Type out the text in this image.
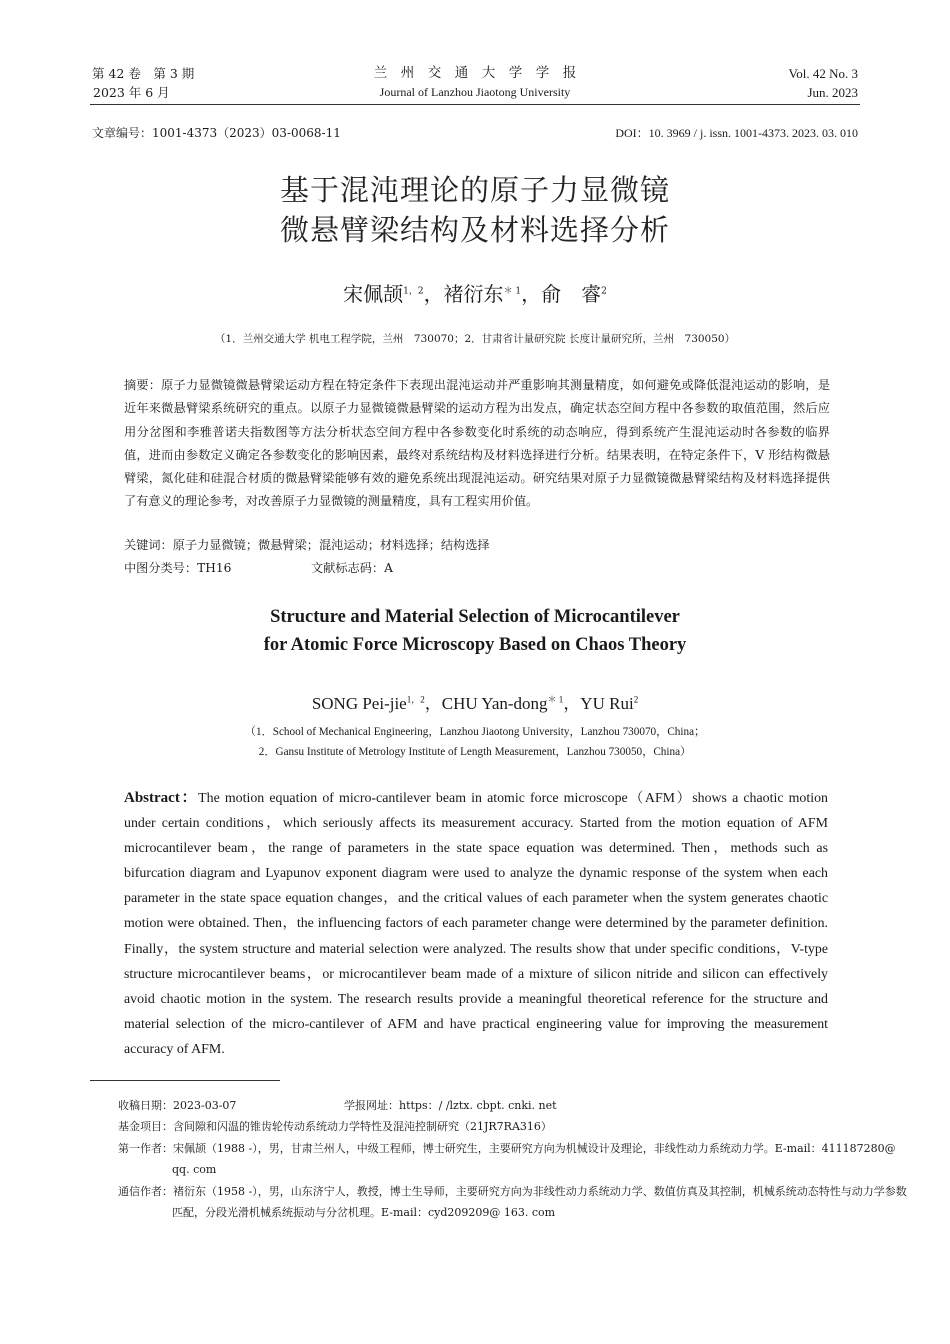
第 42 卷　第 3 期
2023 年 6 月
兰　州　交　通　大　学　学　报
Journal of Lanzhou Jiaotong University
Vol. 42 No. 3
Jun. 2023
文章编号：1001-4373（2023）03-0068-11	DOI：10. 3969 / j. issn. 1001-4373. 2023. 03. 010
基于混沌理论的原子力显微镜
微悬臂梁结构及材料选择分析
宋佩颉$^{1,2}$，褚衍东$^{* 1}$，俞　睿$^2$
（1．兰州交通大学 机电工程学院，兰州　730070；2．甘肃省计量研究院 长度计量研究所，兰州　730050）
摘要：原子力显微镜微悬臂梁运动方程在特定条件下表现出混沌运动并严重影响其测量精度，如何避免或降低混沌运动的影响，是近年来微悬臂梁系统研究的重点。以原子力显微镜微悬臂梁的运动方程为出发点，确定状态空间方程中各参数的取值范围，然后应用分岔图和李雅普诺夫指数图等方法分析状态空间方程中各参数变化时系统的动态响应，得到系统产生混沌运动时各参数的临界值，进而由参数定义确定各参数变化的影响因素，最终对系统结构及材料选择进行分析。结果表明，在特定条件下，V 形结构微悬臂梁，氮化硅和硅混合材质的微悬臂梁能够有效的避免系统出现混沌运动。研究结果对原子力显微镜微悬臂梁结构及材料选择提供了有意义的理论参考，对改善原子力显微镜的测量精度，具有工程实用价值。
关键词：原子力显微镜；微悬臂梁；混沌运动；材料选择；结构选择
中图分类号：TH16	文献标志码：A
Structure and Material Selection of Microcantilever
for Atomic Force Microscopy Based on Chaos Theory
SONG Pei-jie$^{1,2}$，CHU Yan-dong$^{* 1}$，YU Rui$^2$
（1．School of Mechanical Engineering，Lanzhou Jiaotong University，Lanzhou 730070，China；
2．Gansu Institute of Metrology Institute of Length Measurement，Lanzhou 730050，China）
Abstract：The motion equation of micro-cantilever beam in atomic force microscope（AFM）shows a chaotic motion under certain conditions，which seriously affects its measurement accuracy. Started from the motion equation of AFM microcantilever beam，the range of parameters in the state space equation was determined. Then，methods such as bifurcation diagram and Lyapunov exponent diagram were used to analyze the dynamic response of the system when each parameter in the state space equation changes，and the critical values of each parameter when the system generates chaotic motion were obtained. Then，the influencing factors of each parameter change were determined by the parameter definition. Finally，the system structure and material selection were analyzed. The results show that under specific conditions，V-type structure microcantilever beams，or microcantilever beam made of a mixture of silicon nitride and silicon can effectively avoid chaotic motion in the system. The research results provide a meaningful theoretical reference for the structure and material selection of the micro-cantilever of AFM and have practical engineering value for improving the measurement accuracy of AFM.
收稿日期：2023-03-07	学报网址：https：/ /lztx. cbpt. cnki. net
基金项目：含间隙和闪温的锥齿轮传动系统动力学特性及混沌控制研究（21JR7RA316）
第一作者：宋佩颉（1988 -），男，甘肃兰州人，中级工程师，博士研究生，主要研究方向为机械设计及理论，非线性动力系统动力学。E-mail：411187280@ qq. com
通信作者：褚衍东（1958 -），男，山东济宁人，教授，博士生导师，主要研究方向为非线性动力系统动力学、数值仿真及其控制，机械系统动态特性与动力学参数匹配，分段光滑机械系统振动与分岔机理。E-mail：cyd209209@ 163. com
